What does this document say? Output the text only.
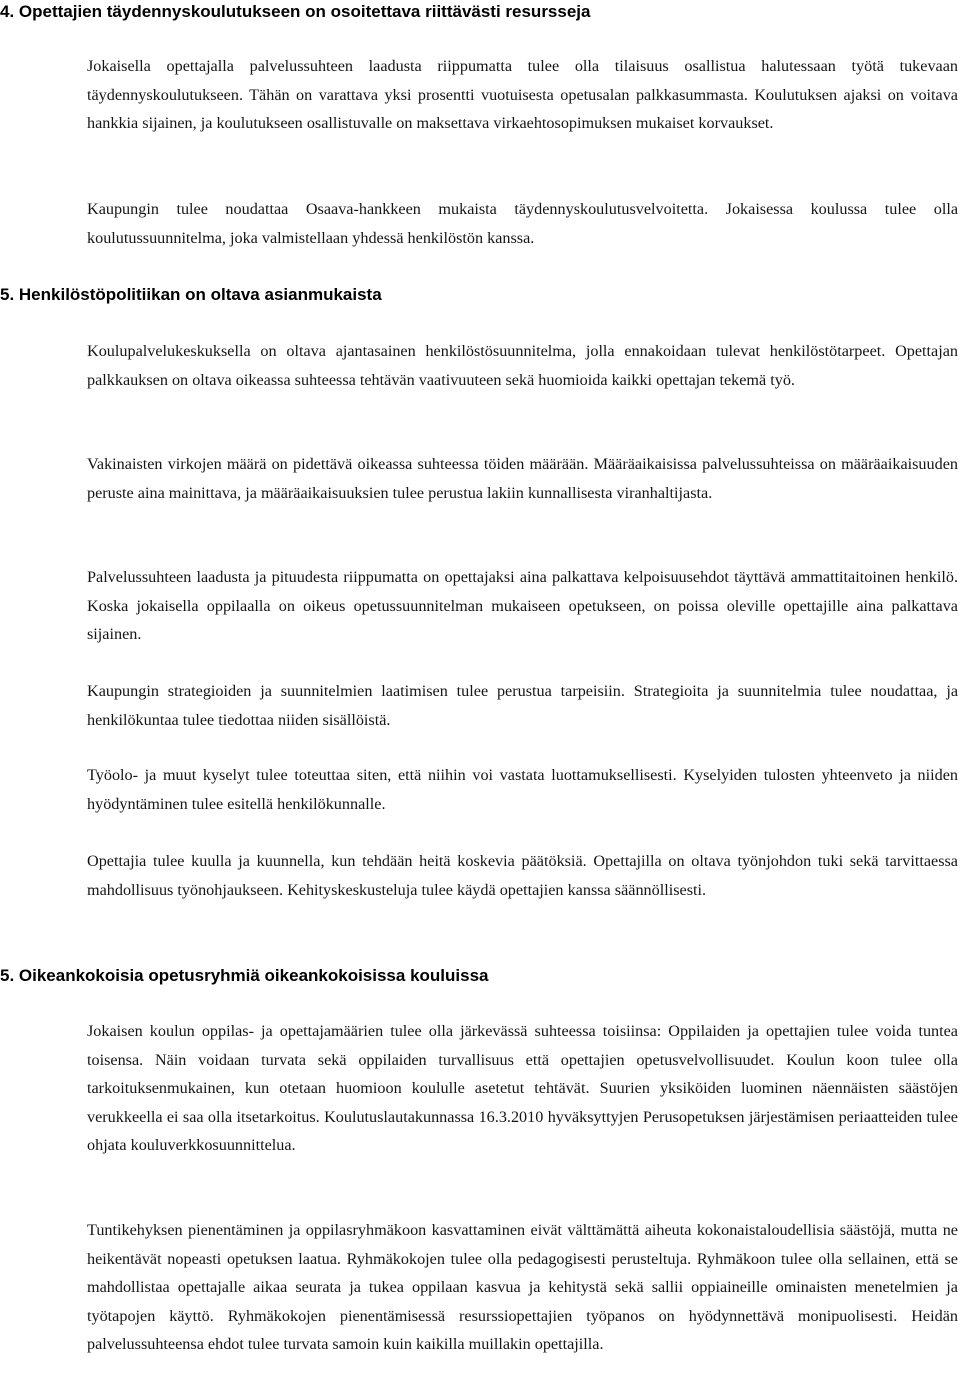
4. Opettajien täydennyskoulutukseen on osoitettava riittävästi resursseja

Jokaisella opettajalla palvelussuhteen laadusta riippumatta tulee olla tilaisuus osallistua halutessaan työtä tukevaan täydennyskoulutukseen. Tähän on varattava yksi prosentti vuotuisesta opetusalan palkkasummasta. Koulutuksen ajaksi on voitava hankkia sijainen, ja koulutukseen osallistuvalle on maksettava virkaehtosopimuksen mukaiset korvaukset.

Kaupungin tulee noudattaa Osaava-hankkeen mukaista täydennyskoulutusvelvoitetta. Jokaisessa koulussa tulee olla koulutussuunnitelma, joka valmistellaan yhdessä henkilöstön kanssa.

5. Henkilöstöpolitiikan on oltava asianmukaista

Koulupalvelukeskuksella on oltava ajantasainen henkilöstösuunnitelma, jolla ennakoidaan tulevat henkilöstötarpeet. Opettajan palkkauksen on oltava oikeassa suhteessa tehtävän vaativuuteen sekä huomioida kaikki opettajan tekemä työ.

Vakinaisten virkojen määrä on pidettävä oikeassa suhteessa töiden määrään. Määräaikaisissa palvelussuhteissa on määräaikaisuuden peruste aina mainittava, ja määräaikaisuuksien tulee perustua lakiin kunnallisesta viranhaltijasta.

Palvelussuhteen laadusta ja pituudesta riippumatta on opettajaksi aina palkattava kelpoisuusehdot täyttävä ammattitaitoinen henkilö. Koska jokaisella oppilaalla on oikeus opetussuunnitelman mukaiseen opetukseen, on poissa oleville opettajille aina palkattava sijainen.

Kaupungin strategioiden ja suunnitelmien laatimisen tulee perustua tarpeisiin. Strategioita ja suunnitelmia tulee noudattaa, ja henkilökuntaa tulee tiedottaa niiden sisällöistä.

Työolo- ja muut kyselyt tulee toteuttaa siten, että niihin voi vastata luottamuksellisesti. Kyselyiden tulosten yhteenveto ja niiden hyödyntäminen tulee esitellä henkilökunnalle.

Opettajia tulee kuulla ja kuunnella, kun tehdään heitä koskevia päätöksiä. Opettajilla on oltava työnjohdon tuki sekä tarvittaessa mahdollisuus työnohjaukseen. Kehityskeskusteluja tulee käydä opettajien kanssa säännöllisesti.

5. Oikeankokoisia opetusryhmiä oikeankokoisissa kouluissa

Jokaisen koulun oppilas- ja opettajamäärien tulee olla järkevässä suhteessa toisiinsa: Oppilaiden ja opettajien tulee voida tuntea toisensa. Näin voidaan turvata sekä oppilaiden turvallisuus että opettajien opetusvelvollisuudet. Koulun koon tulee olla tarkoituksenmukainen, kun otetaan huomioon koululle asetetut tehtävät. Suurien yksiköiden luominen näennäisten säästöjen verukkeella ei saa olla itsetarkoitus. Koulutuslautakunnassa 16.3.2010 hyväksyttyjen Perusopetuksen järjestämisen periaatteiden tulee ohjata kouluverkkosuunnittelua.

Tuntikehyksen pienentäminen ja oppilasryhmäkoon kasvattaminen eivät välttämättä aiheuta kokonaistaloudellisia säästöjä, mutta ne heikentävät nopeasti opetuksen laatua. Ryhmäkokojen tulee olla pedagogisesti perusteltuja. Ryhmäkoon tulee olla sellainen, että se mahdollistaa opettajalle aikaa seurata ja tukea oppilaan kasvua ja kehitystä sekä sallii oppiaineille ominaisten menetelmien ja työtapojen käyttö. Ryhmäkokojen pienentämisessä resurssiopettajien työpanos on hyödynnettävä monipuolisesti. Heidän palvelussuhteensa ehdot tulee turvata samoin kuin kaikilla muillakin opettajilla.
